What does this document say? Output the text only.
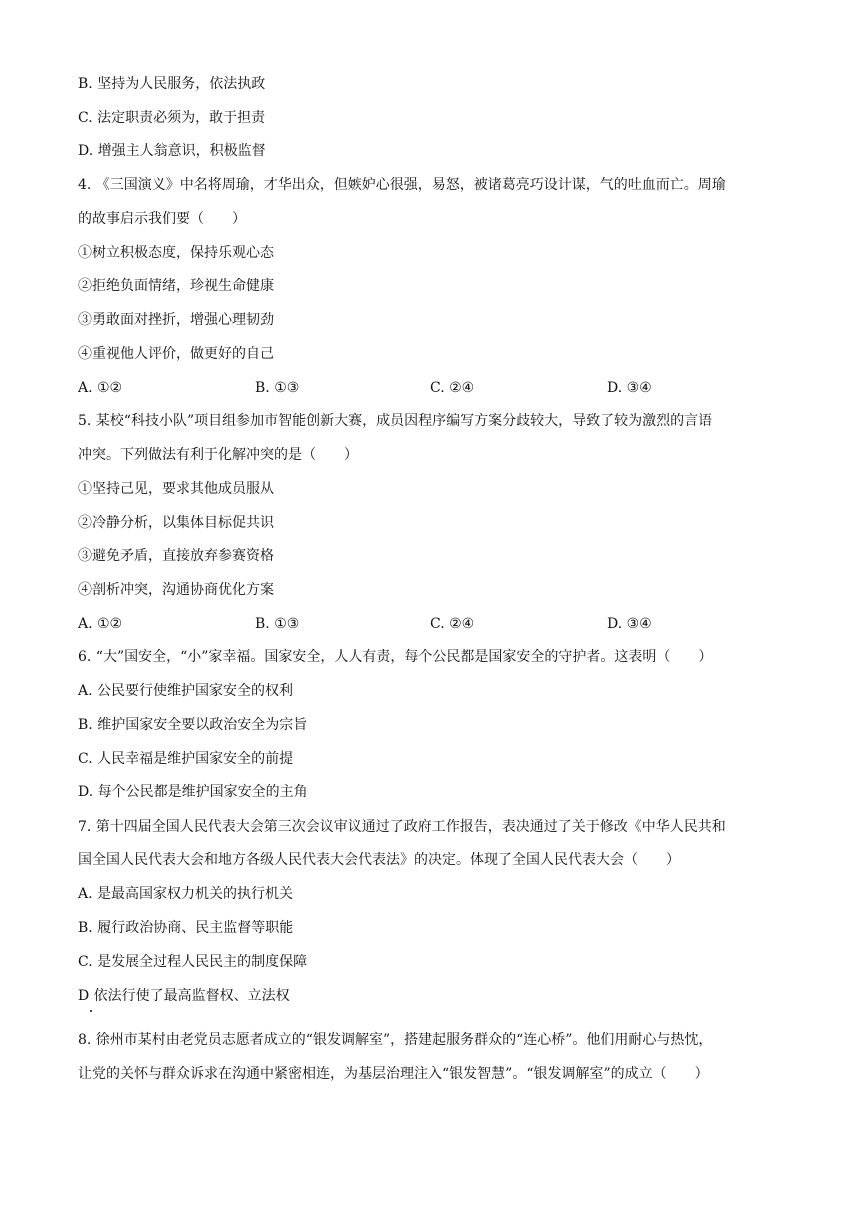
B. 坚持为人民服务，依法执政
C. 法定职责必须为，敢于担责
D. 增强主人翁意识，积极监督
4. 《三国演义》中名将周瑜，才华出众，但嫉妒心很强，易怒，被诸葛亮巧设计谋，气的吐血而亡。周瑜
的故事启示我们要（　　）
①树立积极态度，保持乐观心态
②拒绝负面情绪，珍视生命健康
③勇敢面对挫折，增强心理韧劲
④重视他人评价，做更好的自己
A. ①②	B. ①③	C. ②④	D. ③④
5. 某校“科技小队”项目组参加市智能创新大赛，成员因程序编写方案分歧较大，导致了较为激烈的言语
冲突。下列做法有利于化解冲突的是（　　）
①坚持己见，要求其他成员服从
②冷静分析，以集体目标促共识
③避免矛盾，直接放弃参赛资格
④剖析冲突，沟通协商优化方案
A. ①②	B. ①③	C. ②④	D. ③④
6. “大”国安全，“小”家幸福。国家安全，人人有责，每个公民都是国家安全的守护者。这表明（　　）
A. 公民要行使维护国家安全的权利
B. 维护国家安全要以政治安全为宗旨
C. 人民幸福是维护国家安全的前提
D. 每个公民都是维护国家安全的主角
7. 第十四届全国人民代表大会第三次会议审议通过了政府工作报告，表决通过了关于修改《中华人民共和
国全国人民代表大会和地方各级人民代表大会代表法》的决定。体现了全国人民代表大会（　　）
A. 是最高国家权力机关的执行机关
B. 履行政治协商、民主监督等职能
C. 是发展全过程人民民主的制度保障
D 依法行使了最高监督权、立法权
8. 徐州市某村由老党员志愿者成立的“银发调解室”，搭建起服务群众的“连心桥”。他们用耐心与热忱，
让党的关怀与群众诉求在沟通中紧密相连，为基层治理注入“银发智慧”。“银发调解室”的成立（　　）
